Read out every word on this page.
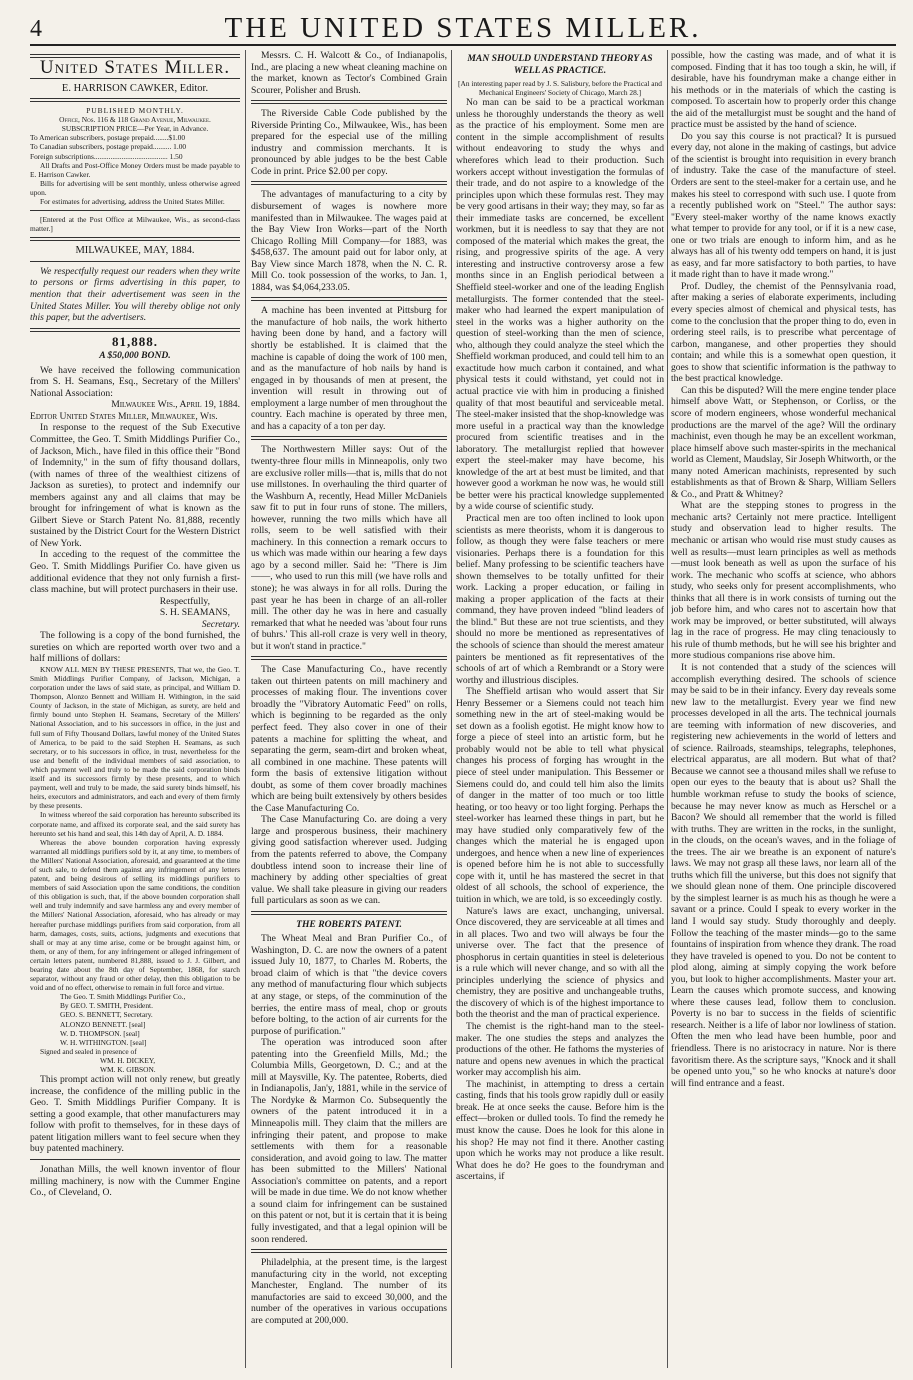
4	THE UNITED STATES MILLER.

United States Miller.

E. HARRISON CAWKER, Editor.

PUBLISHED MONTHLY.

Office, Nos. 116 & 118 Grand Avenue, Milwaukee.

SUBSCRIPTION PRICE—Per Year, in Advance.

To American subscribers, postage prepaid........$1.00

To Canadian subscribers, postage prepaid.......... 1.00

Foreign subscriptions........................................ 1.50

All Drafts and Post-Office Money Orders must be made payable to E. Harrison Cawker.

Bills for advertising will be sent monthly, unless otherwise agreed upon.

For estimates for advertising, address the United States Miller.

[Entered at the Post Office at Milwaukee, Wis., as second-class matter.]

MILWAUKEE, MAY, 1884.

We respectfully request our readers when they write to persons or firms advertising in this paper, to mention that their advertisement was seen in the United States Miller. You will thereby oblige not only this paper, but the advertisers.

81,888.

A $50,000 BOND.

We have received the following communication from S. H. Seamans, Esq., Secretary of the Millers' National Association:

Milwaukee Wis., April 19, 1884.

Editor United States Miller, Milwaukee, Wis.

In response to the request of the Sub Executive Committee, the Geo. T. Smith Middlings Purifier Co., of Jackson, Mich., have filed in this office their "Bond of Indemnity," in the sum of fifty thousand dollars, (with names of three of the wealthiest citizens of Jackson as sureties), to protect and indemnify our members against any and all claims that may be brought for infringement of what is known as the Gilbert Sieve or Starch Patent No. 81,888, recently sustained by the District Court for the Western District of New York.

In acceding to the request of the committee the Geo. T. Smith Middlings Purifier Co. have given us additional evidence that they not only furnish a first-class machine, but will protect purchasers in their use.

Respectfully,

S. H. SEAMANS,

Secretary.

The following is a copy of the bond furnished, the sureties on which are reported worth over two and a half millions of dollars:

KNOW ALL MEN BY THESE PRESENTS, That we, the Geo. T. Smith Middlings Purifier Company, of Jackson, Michigan, a corporation under the laws of said state, as principal, and William D. Thompson, Alonzo Bennett and William H. Withington, in the said County of Jackson, in the state of Michigan, as surety, are held and firmly bound unto Stephen H. Seamans, Secretary of the Millers' National Association, and to his successors in office, in the just and full sum of Fifty Thousand Dollars, lawful money of the United States of America, to be paid to the said Stephen H. Seamans, as such secretary, or to his successors in office, in trust, nevertheless for the use and benefit of the individual members of said association, to which payment well and truly to be made the said corporation binds itself and its successors firmly by these presents, and to which payment, well and truly to be made, the said surety binds himself, his heirs, executors and administrators, and each and every of them firmly by these presents.

In witness whereof the said corporation has hereunto subscribed its corporate name, and affixed its corporate seal, and the said surety has hereunto set his hand and seal, this 14th day of April, A. D. 1884.

Whereas the above bounden corporation having expressly warranted all middlings purifiers sold by it, at any time, to members of the Millers' National Association, aforesaid, and guaranteed at the time of such sale, to defend them against any infringement of any letters patent, and being desirous of selling its middlings purifiers to members of said Association upon the same conditions, the condition of this obligation is such, that, if the above bounden corporation shall well and truly indemnify and save harmless any and every member of the Millers' National Association, aforesaid, who has already or may hereafter purchase middlings purifiers from said corporation, from all harm, damages, costs, suits, actions, judgments and executions that shall or may at any time arise, come or be brought against him, or them, or any of them, for any infringement or alleged infringement of certain letters patent, numbered 81,888, issued to J. J. Gilbert, and bearing date about the 8th day of September, 1868, for starch separator, without any fraud or other delay, then this obligation to be void and of no effect, otherwise to remain in full force and virtue.

The Geo. T. Smith Middlings Purifier Co.,

By GEO. T. SMITH, President.

GEO. S. BENNETT, Secretary.

ALONZO BENNETT. [seal]

W. D. THOMPSON. [seal]

W. H. WITHINGTON. [seal]

Signed and sealed in presence of

WM. H. DICKEY,

WM. K. GIBSON.

This prompt action will not only renew, but greatly increase, the confidence of the milling public in the Geo. T. Smith Middlings Purifier Company. It is setting a good example, that other manufacturers may follow with profit to themselves, for in these days of patent litigation millers want to feel secure when they buy patented machinery.

Jonathan Mills, the well known inventor of flour milling machinery, is now with the Cummer Engine Co., of Cleveland, O.

Messrs. C. H. Walcott & Co., of Indianapolis, Ind., are placing a new wheat cleaning machine on the market, known as Tector's Combined Grain Scourer, Polisher and Brush.

The Riverside Cable Code published by the Riverside Printing Co., Milwaukee, Wis., has been prepared for the especial use of the milling industry and commission merchants. It is pronounced by able judges to be the best Cable Code in print. Price $2.00 per copy.

The advantages of manufacturing to a city by disbursement of wages is nowhere more manifested than in Milwaukee. The wages paid at the Bay View Iron Works—part of the North Chicago Rolling Mill Company—for 1883, was $458,637. The amount paid out for labor only, at Bay View since March 1878, when the N. C. R. Mill Co. took possession of the works, to Jan. 1, 1884, was $4,064,233.05.

A machine has been invented at Pittsburg for the manufacture of hob nails, the work hitherto having been done by hand, and a factory will shortly be established. It is claimed that the machine is capable of doing the work of 100 men, and as the manufacture of hob nails by hand is engaged in by thousands of men at present, the invention will result in throwing out of employment a large number of men throughout the country. Each machine is operated by three men, and has a capacity of a ton per day.

The Northwestern Miller says: Out of the twenty-three flour mills in Minneapolis, only two are exclusive roller mills—that is, mills that do not use millstones. In overhauling the third quarter of the Washburn A, recently, Head Miller McDaniels saw fit to put in four runs of stone. The millers, however, running the two mills which have all rolls, seem to be well satisfied with their machinery. In this connection a remark occurs to us which was made within our hearing a few days ago by a second miller. Said he: "There is Jim ——, who used to run this mill (we have rolls and stone); he was always in for all rolls. During the past year he has been in charge of an all-roller mill. The other day he was in here and casually remarked that what he needed was 'about four runs of buhrs.' This all-roll craze is very well in theory, but it won't stand in practice."

The Case Manufacturing Co., have recently taken out thirteen patents on mill machinery and processes of making flour. The inventions cover broadly the "Vibratory Automatic Feed" on rolls, which is beginning to be regarded as the only perfect feed. They also cover in one of their patents a machine for splitting the wheat, and separating the germ, seam-dirt and broken wheat, all combined in one machine. These patents will form the basis of extensive litigation without doubt, as some of them cover broadly machines which are being built extensively by others besides the Case Manufacturing Co.

The Case Manufacturing Co. are doing a very large and prosperous business, their machinery giving good satisfaction wherever used. Judging from the patents referred to above, the Company doubtless intend soon to increase their line of machinery by adding other specialties of great value. We shall take pleasure in giving our readers full particulars as soon as we can.

THE ROBERTS PATENT.

The Wheat Meal and Bran Purifier Co., of Washington, D. C. are now the owners of a patent issued July 10, 1877, to Charles M. Roberts, the broad claim of which is that "the device covers any method of manufacturing flour which subjects at any stage, or steps, of the comminution of the berries, the entire mass of meal, chop or grouts before bolting, to the action of air currents for the purpose of purification."

The operation was introduced soon after patenting into the Greenfield Mills, Md.; the Columbia Mills, Georgetown, D. C.; and at the mill at Maysville, Ky. The patentee, Roberts, died in Indianapolis, Jan'y, 1881, while in the service of The Nordyke & Marmon Co. Subsequently the owners of the patent introduced it in a Minneapolis mill. They claim that the millers are infringing their patent, and propose to make settlements with them for a reasonable consideration, and avoid going to law. The matter has been submitted to the Millers' National Association's committee on patents, and a report will be made in due time. We do not know whether a sound claim for infringement can be sustained on this patent or not, but it is certain that it is being fully investigated, and that a legal opinion will be soon rendered.

Philadelphia, at the present time, is the largest manufacturing city in the world, not excepting Manchester, England. The number of its manufactories are said to exceed 30,000, and the number of the operatives in various occupations are computed at 200,000.

MAN SHOULD UNDERSTAND THEORY AS WELL AS PRACTICE.

[An interesting paper read by J. S. Salisbury, before the Practical and Mechanical Engineers' Society of Chicago, March 28.]

No man can be said to be a practical workman unless he thoroughly understands the theory as well as the practice of his employment. Some men are content in the simple accomplishment of results without endeavoring to study the whys and wherefores which lead to their production. Such workers accept without investigation the formulas of their trade, and do not aspire to a knowledge of the principles upon which these formulas rest. They may be very good artisans in their way; they may, so far as their immediate tasks are concerned, be excellent workmen, but it is needless to say that they are not composed of the material which makes the great, the rising, and progressive spirits of the age. A very interesting and instructive controversy arose a few months since in an English periodical between a Sheffield steel-worker and one of the leading English metallurgists. The former contended that the steel-maker who had learned the expert manipulation of steel in the works was a higher authority on the question of steel-working than the men of science, who, although they could analyze the steel which the Sheffield workman produced, and could tell him to an exactitude how much carbon it contained, and what physical tests it could withstand, yet could not in actual practice vie with him in producing a finished quality of that most beautiful and serviceable metal. The steel-maker insisted that the shop-knowledge was more useful in a practical way than the knowledge procured from scientific treatises and in the laboratory. The metallurgist replied that however expert the steel-maker may have become, his knowledge of the art at best must be limited, and that however good a workman he now was, he would still be better were his practical knowledge supplemented by a wide course of scientific study.

Practical men are too often inclined to look upon scientists as mere theorists, whom it is dangerous to follow, as though they were false teachers or mere visionaries. Perhaps there is a foundation for this belief. Many professing to be scientific teachers have shown themselves to be totally unfitted for their work. Lacking a proper education, or failing in making a proper application of the facts at their command, they have proven indeed "blind leaders of the blind." But these are not true scientists, and they should no more be mentioned as representatives of the schools of science than should the merest amateur painters be mentioned as fit representatives of the schools of art of which a Rembrandt or a Story were worthy and illustrious disciples.

The Sheffield artisan who would assert that Sir Henry Bessemer or a Siemens could not teach him something new in the art of steel-making would be set down as a foolish egotist. He might know how to forge a piece of steel into an artistic form, but he probably would not be able to tell what physical changes his process of forging has wrought in the piece of steel under manipulation. This Bessemer or Siemens could do, and could tell him also the limits of danger in the matter of too much or too little heating, or too heavy or too light forging. Perhaps the steel-worker has learned these things in part, but he may have studied only comparatively few of the changes which the material he is engaged upon undergoes, and hence when a new line of experiences is opened before him he is not able to successfully cope with it, until he has mastered the secret in that oldest of all schools, the school of experience, the tuition in which, we are told, is so exceedingly costly.

Nature's laws are exact, unchanging, universal. Once discovered, they are serviceable at all times and in all places. Two and two will always be four the universe over. The fact that the presence of phosphorus in certain quantities in steel is deleterious is a rule which will never change, and so with all the principles underlying the science of physics and chemistry, they are positive and unchangeable truths, the discovery of which is of the highest importance to both the theorist and the man of practical experience.

The chemist is the right-hand man to the steel-maker. The one studies the steps and analyzes the productions of the other. He fathoms the mysteries of nature and opens new avenues in which the practical worker may accomplish his aim.

The machinist, in attempting to dress a certain casting, finds that his tools grow rapidly dull or easily break. He at once seeks the cause. Before him is the effect—broken or dulled tools. To find the remedy he must know the cause. Does he look for this alone in his shop? He may not find it there. Another casting upon which he works may not produce a like result. What does he do? He goes to the foundryman and ascertains, if

possible, how the casting was made, and of what it is composed. Finding that it has too tough a skin, he will, if desirable, have his foundryman make a change either in his methods or in the materials of which the casting is composed. To ascertain how to properly order this change the aid of the metallurgist must be sought and the hand of practice must be assisted by the hand of science.

Do you say this course is not practical? It is pursued every day, not alone in the making of castings, but advice of the scientist is brought into requisition in every branch of industry. Take the case of the manufacture of steel. Orders are sent to the steel-maker for a certain use, and he makes his steel to correspond with such use. I quote from a recently published work on "Steel." The author says: "Every steel-maker worthy of the name knows exactly what temper to provide for any tool, or if it is a new case, one or two trials are enough to inform him, and as he always has all of his twenty odd tempers on hand, it is just as easy, and far more satisfactory to both parties, to have it made right than to have it made wrong."

Prof. Dudley, the chemist of the Pennsylvania road, after making a series of elaborate experiments, including every species almost of chemical and physical tests, has come to the conclusion that the proper thing to do, even in ordering steel rails, is to prescribe what percentage of carbon, manganese, and other properties they should contain; and while this is a somewhat open question, it goes to show that scientific information is the pathway to the best practical knowledge.

Can this be disputed? Will the mere engine tender place himself above Watt, or Stephenson, or Corliss, or the score of modern engineers, whose wonderful mechanical productions are the marvel of the age? Will the ordinary machinist, even though he may be an excellent workman, place himself above such master-spirits in the mechanical world as Clement, Maudslay, Sir Joseph Whitworth, or the many noted American machinists, represented by such establishments as that of Brown & Sharp, William Sellers & Co., and Pratt & Whitney?

What are the stepping stones to progress in the mechanic arts? Certainly not mere practice. Intelligent study and observation lead to higher results. The mechanic or artisan who would rise must study causes as well as results—must learn principles as well as methods—must look beneath as well as upon the surface of his work. The mechanic who scoffs at science, who abhors study, who seeks only for present accomplishments, who thinks that all there is in work consists of turning out the job before him, and who cares not to ascertain how that work may be improved, or better substituted, will always lag in the race of progress. He may cling tenaciously to his rule of thumb methods, but he will see his brighter and more studious companions rise above him.

It is not contended that a study of the sciences will accomplish everything desired. The schools of science may be said to be in their infancy. Every day reveals some new law to the metallurgist. Every year we find new processes developed in all the arts. The technical journals are teeming with information of new discoveries, and registering new achievements in the world of letters and of science. Railroads, steamships, telegraphs, telephones, electrical apparatus, are all modern. But what of that? Because we cannot see a thousand miles shall we refuse to open our eyes to the beauty that is about us? Shall the humble workman refuse to study the books of science, because he may never know as much as Herschel or a Bacon? We should all remember that the world is filled with truths. They are written in the rocks, in the sunlight, in the clouds, on the ocean's waves, and in the foliage of the trees. The air we breathe is an exponent of nature's laws. We may not grasp all these laws, nor learn all of the truths which fill the universe, but this does not signify that we should glean none of them. One principle discovered by the simplest learner is as much his as though he were a savant or a prince. Could I speak to every worker in the land I would say study. Study thoroughly and deeply. Follow the teaching of the master minds—go to the same fountains of inspiration from whence they drank. The road they have traveled is opened to you. Do not be content to plod along, aiming at simply copying the work before you, but look to higher accomplishments. Master your art. Learn the causes which promote success, and knowing where these causes lead, follow them to conclusion. Poverty is no bar to success in the fields of scientific research. Neither is a life of labor nor lowliness of station. Often the men who lead have been humble, poor and friendless. There is no aristocracy in nature. Nor is there favoritism there. As the scripture says, "Knock and it shall be opened unto you," so he who knocks at nature's door will find entrance and a feast.
